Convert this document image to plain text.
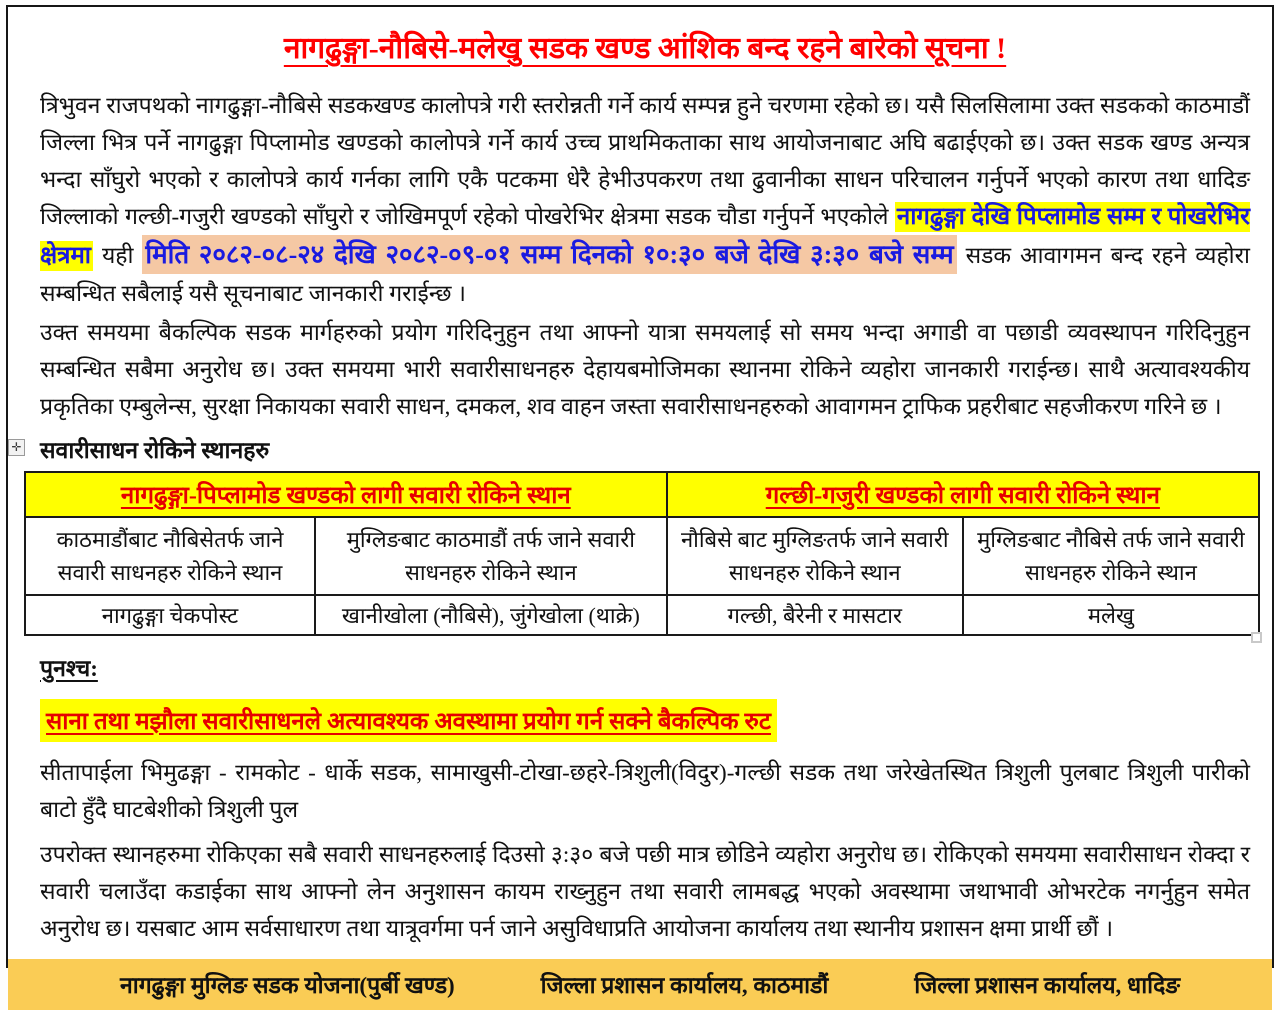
नागढुङ्गा-नौबिसे-मलेखु सडक खण्ड आंशिक बन्द रहने बारेको सूचना !

त्रिभुवन राजपथको नागढुङ्गा-नौबिसे सडकखण्ड कालोपत्रे गरी स्तरोन्नती गर्ने कार्य सम्पन्न हुने चरणमा रहेको छ। यसै सिलसिलामा उक्त सडकको काठमाडौं जिल्ला भित्र पर्ने नागढुङ्गा पिप्लामोड खण्डको कालोपत्रे गर्ने कार्य उच्च प्राथमिकताका साथ आयोजनाबाट अघि बढाईएको छ। उक्त सडक खण्ड अन्यत्र भन्दा साँघुरो भएको र कालोपत्रे कार्य गर्नका लागि एकै पटकमा धेरै हेभीउपकरण तथा ढुवानीका साधन परिचालन गर्नुपर्ने भएको कारण तथा धादिङ जिल्लाको गल्छी-गजुरी खण्डको साँघुरो र जोखिमपूर्ण रहेको पोखरेभिर क्षेत्रमा सडक चौडा गर्नुपर्ने भएकोले नागढुङ्गा देखि पिप्लामोड सम्म र पोखरेभिर क्षेत्रमा यही मिति २०८२-०८-२४ देखि २०८२-०९-०१ सम्म दिनको १०:३० बजे देखि ३:३० बजे सम्म सडक आवागमन बन्द रहने व्यहोरा सम्बन्धित सबैलाई यसै सूचनाबाट जानकारी गराईन्छ ।

उक्त समयमा बैकल्पिक सडक मार्गहरुको प्रयोग गरिदिनुहुन तथा आफ्नो यात्रा समयलाई सो समय भन्दा अगाडी वा पछाडी व्यवस्थापन गरिदिनुहुन सम्बन्धित सबैमा अनुरोध छ। उक्त समयमा भारी सवारीसाधनहरु देहायबमोजिमका स्थानमा रोकिने व्यहोरा जानकारी गराईन्छ। साथै अत्यावश्यकीय प्रकृतिका एम्बुलेन्स, सुरक्षा निकायका सवारी साधन, दमकल, शव वाहन जस्ता सवारीसाधनहरुको आवागमन ट्राफिक प्रहरीबाट सहजीकरण गरिने छ ।

सवारीसाधन रोकिने स्थानहरु
✛
नागढुङ्गा-पिप्लामोड खण्डको लागी सवारी रोकिने स्थान		गल्छी-गजुरी खण्डको लागी सवारी रोकिने स्थान	
काठमाडौंबाट नौबिसेतर्फ जाने सवारी साधनहरु रोकिने स्थान	मुग्लिङबाट काठमाडौं तर्फ जाने सवारी साधनहरु रोकिने स्थान	नौबिसे बाट मुग्लिङतर्फ जाने सवारी साधनहरु रोकिने स्थान	मुग्लिङबाट नौबिसे तर्फ जाने सवारी साधनहरु रोकिने स्थान
नागढुङ्गा चेकपोस्ट	खानीखोला (नौबिसे), जुंगेखोला (थाक्रे)	गल्छी, बैरेनी र मासटार	मलेखु
पुनश्च:
साना तथा मझौला सवारीसाधनले अत्यावश्यक अवस्थामा प्रयोग गर्न सक्ने बैकल्पिक रुट

सीतापाईला भिमुढङ्गा - रामकोट - धार्के सडक, सामाखुसी-टोखा-छहरे-त्रिशुली(विदुर)-गल्छी सडक तथा जरेखेतस्थित त्रिशुली पुलबाट त्रिशुली पारीको बाटो हुँदै घाटबेशीको त्रिशुली पुल

उपरोक्त स्थानहरुमा रोकिएका सबै सवारी साधनहरुलाई दिउसो ३:३० बजे पछी मात्र छोडिने व्यहोरा अनुरोध छ। रोकिएको समयमा सवारीसाधन रोक्दा र सवारी चलाउँदा कडाईका साथ आफ्नो लेन अनुशासन कायम राख्नुहुन तथा सवारी लामबद्ध भएको अवस्थामा जथाभावी ओभरटेक नगर्नुहुन समेत अनुरोध छ। यसबाट आम सर्वसाधारण तथा यात्रूवर्गमा पर्न जाने असुविधाप्रति आयोजना कार्यालय तथा स्थानीय प्रशासन क्षमा प्रार्थी छौं ।

नागढुङ्गा मुग्लिङ सडक योजना(पुर्बी खण्ड)	जिल्ला प्रशासन कार्यालय, काठमाडौं	जिल्ला प्रशासन कार्यालय, धादिङ
